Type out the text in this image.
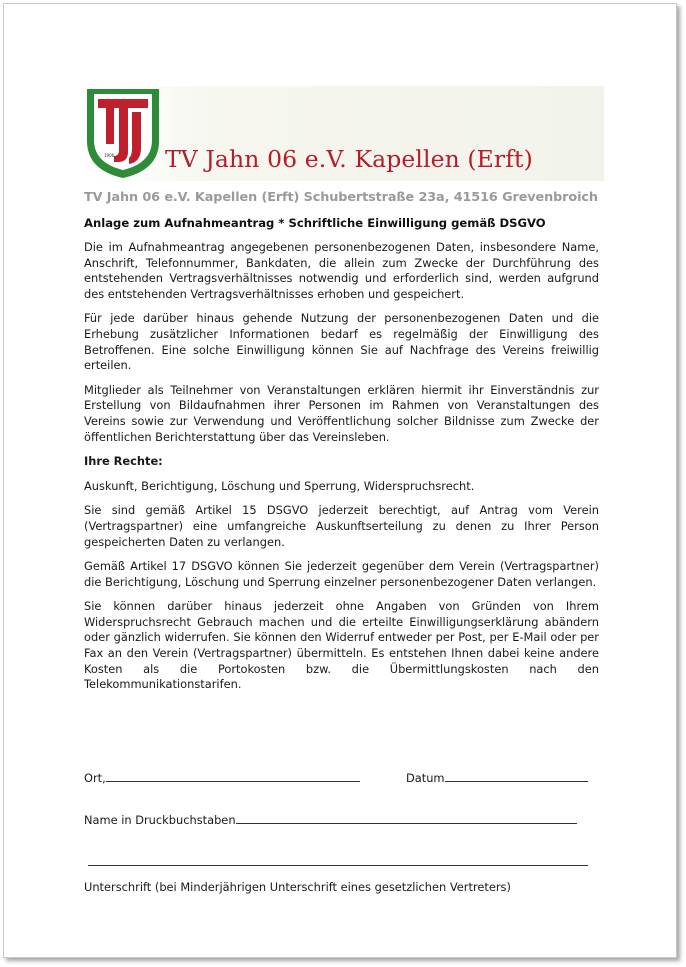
1906 TV Jahn 06 e.V. Kapellen (Erft)
TV Jahn 06 e.V. Kapellen (Erft) Schubertstraße 23a, 41516 Grevenbroich
Anlage zum Aufnahmeantrag * Schriftliche Einwilligung gemäß DSGVO

Die im Aufnahmeantrag angegebenen personenbezogenen Daten, insbesondere Name, Anschrift, Telefonnummer, Bankdaten, die allein zum Zwecke der Durchführung des entstehenden Vertragsverhältnisses notwendig und erforderlich sind, werden aufgrund des entstehenden Vertragsverhältnisses erhoben und gespeichert.

Für jede darüber hinaus gehende Nutzung der personenbezogenen Daten und die Erhebung zusätzlicher Informationen bedarf es regelmäßig der Einwilligung des Betroffenen. Eine solche Einwilligung können Sie auf Nachfrage des Vereins freiwillig erteilen.

Mitglieder als Teilnehmer von Veranstaltungen erklären hiermit ihr Einverständnis zur Erstellung von Bildaufnahmen ihrer Personen im Rahmen von Veranstaltungen des Vereins sowie zur Verwendung und Veröffentlichung solcher Bildnisse zum Zwecke der öffentlichen Berichterstattung über das Vereinsleben.

Ihre Rechte:

Auskunft, Berichtigung, Löschung und Sperrung, Widerspruchsrecht.

Sie sind gemäß Artikel 15 DSGVO jederzeit berechtigt, auf Antrag vom Verein (Vertragspartner) eine umfangreiche Auskunftserteilung zu denen zu Ihrer Person gespeicherten Daten zu verlangen.

Gemäß Artikel 17 DSGVO können Sie jederzeit gegenüber dem Verein (Vertragspartner) die Berichtigung, Löschung und Sperrung einzelner personenbezogener Daten verlangen.

Sie können darüber hinaus jederzeit ohne Angaben von Gründen von Ihrem Widerspruchsrecht Gebrauch machen und die erteilte Einwilligungserklärung abändern oder gänzlich widerrufen. Sie können den Widerruf entweder per Post, per E-Mail oder per Fax an den Verein (Vertragspartner) übermitteln. Es entstehen Ihnen dabei keine andere Kosten als die Portokosten bzw. die Übermittlungskosten nach den Telekommunikationstarifen.

Ort,	Datum
Name in Druckbuchstaben
Unterschrift (bei Minderjährigen Unterschrift eines gesetzlichen Vertreters)
